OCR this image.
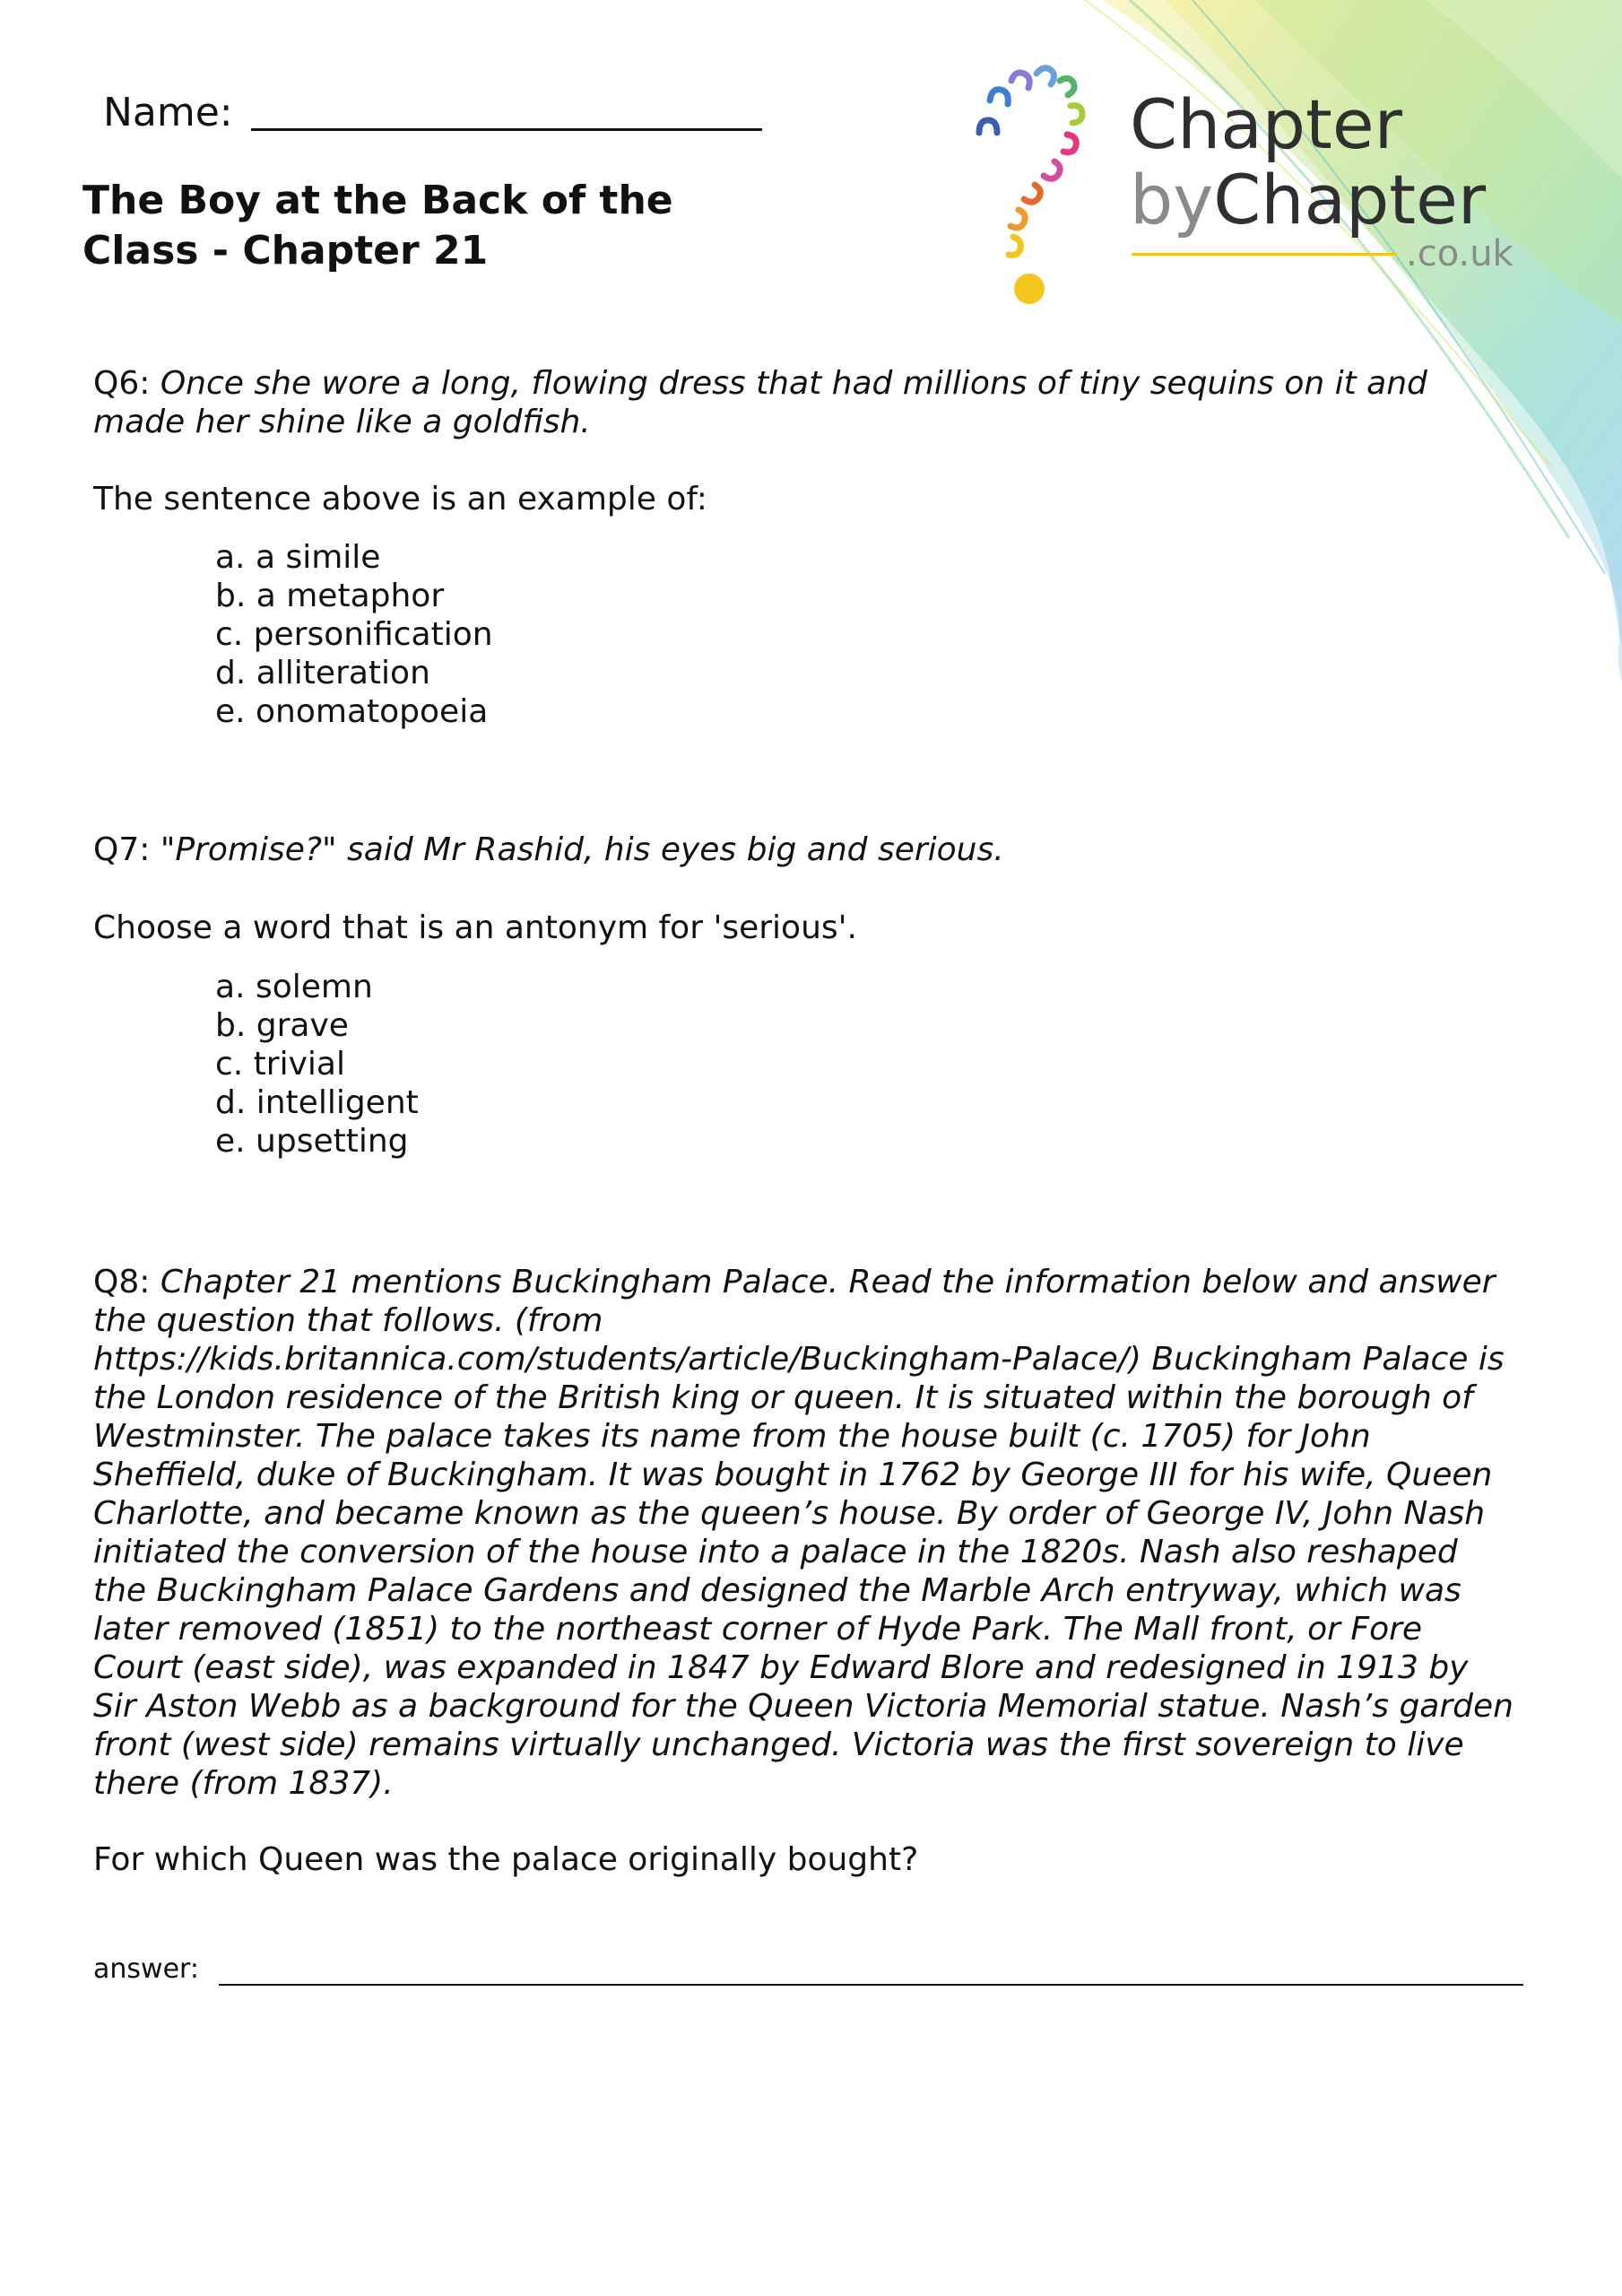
Chapter
byChapter
.co.uk
Name:
The Boy at the Back of the Class - Chapter 21
Q6: Once she wore a long, flowing dress that had millions of tiny sequins on it and made her shine like a goldfish.
The sentence above is an example of:
a. a simile
b. a metaphor
c. personification
d. alliteration
e. onomatopoeia
Q7: "Promise?" said Mr Rashid, his eyes big and serious.
Choose a word that is an antonym for 'serious'.
a. solemn
b. grave
c. trivial
d. intelligent
e. upsetting
Q8: Chapter 21 mentions Buckingham Palace. Read the information below and answer the question that follows. (from https://kids.britannica.com/students/article/Buckingham-Palace/) Buckingham Palace is the London residence of the British king or queen. It is situated within the borough of Westminster. The palace takes its name from the house built (c. 1705) for John Sheffield, duke of Buckingham. It was bought in 1762 by George III for his wife, Queen Charlotte, and became known as the queen’s house. By order of George IV, John Nash initiated the conversion of the house into a palace in the 1820s. Nash also reshaped the Buckingham Palace Gardens and designed the Marble Arch entryway, which was later removed (1851) to the northeast corner of Hyde Park. The Mall front, or Fore Court (east side), was expanded in 1847 by Edward Blore and redesigned in 1913 by Sir Aston Webb as a background for the Queen Victoria Memorial statue. Nash’s garden front (west side) remains virtually unchanged. Victoria was the first sovereign to live there (from 1837).
For which Queen was the palace originally bought?
answer:
